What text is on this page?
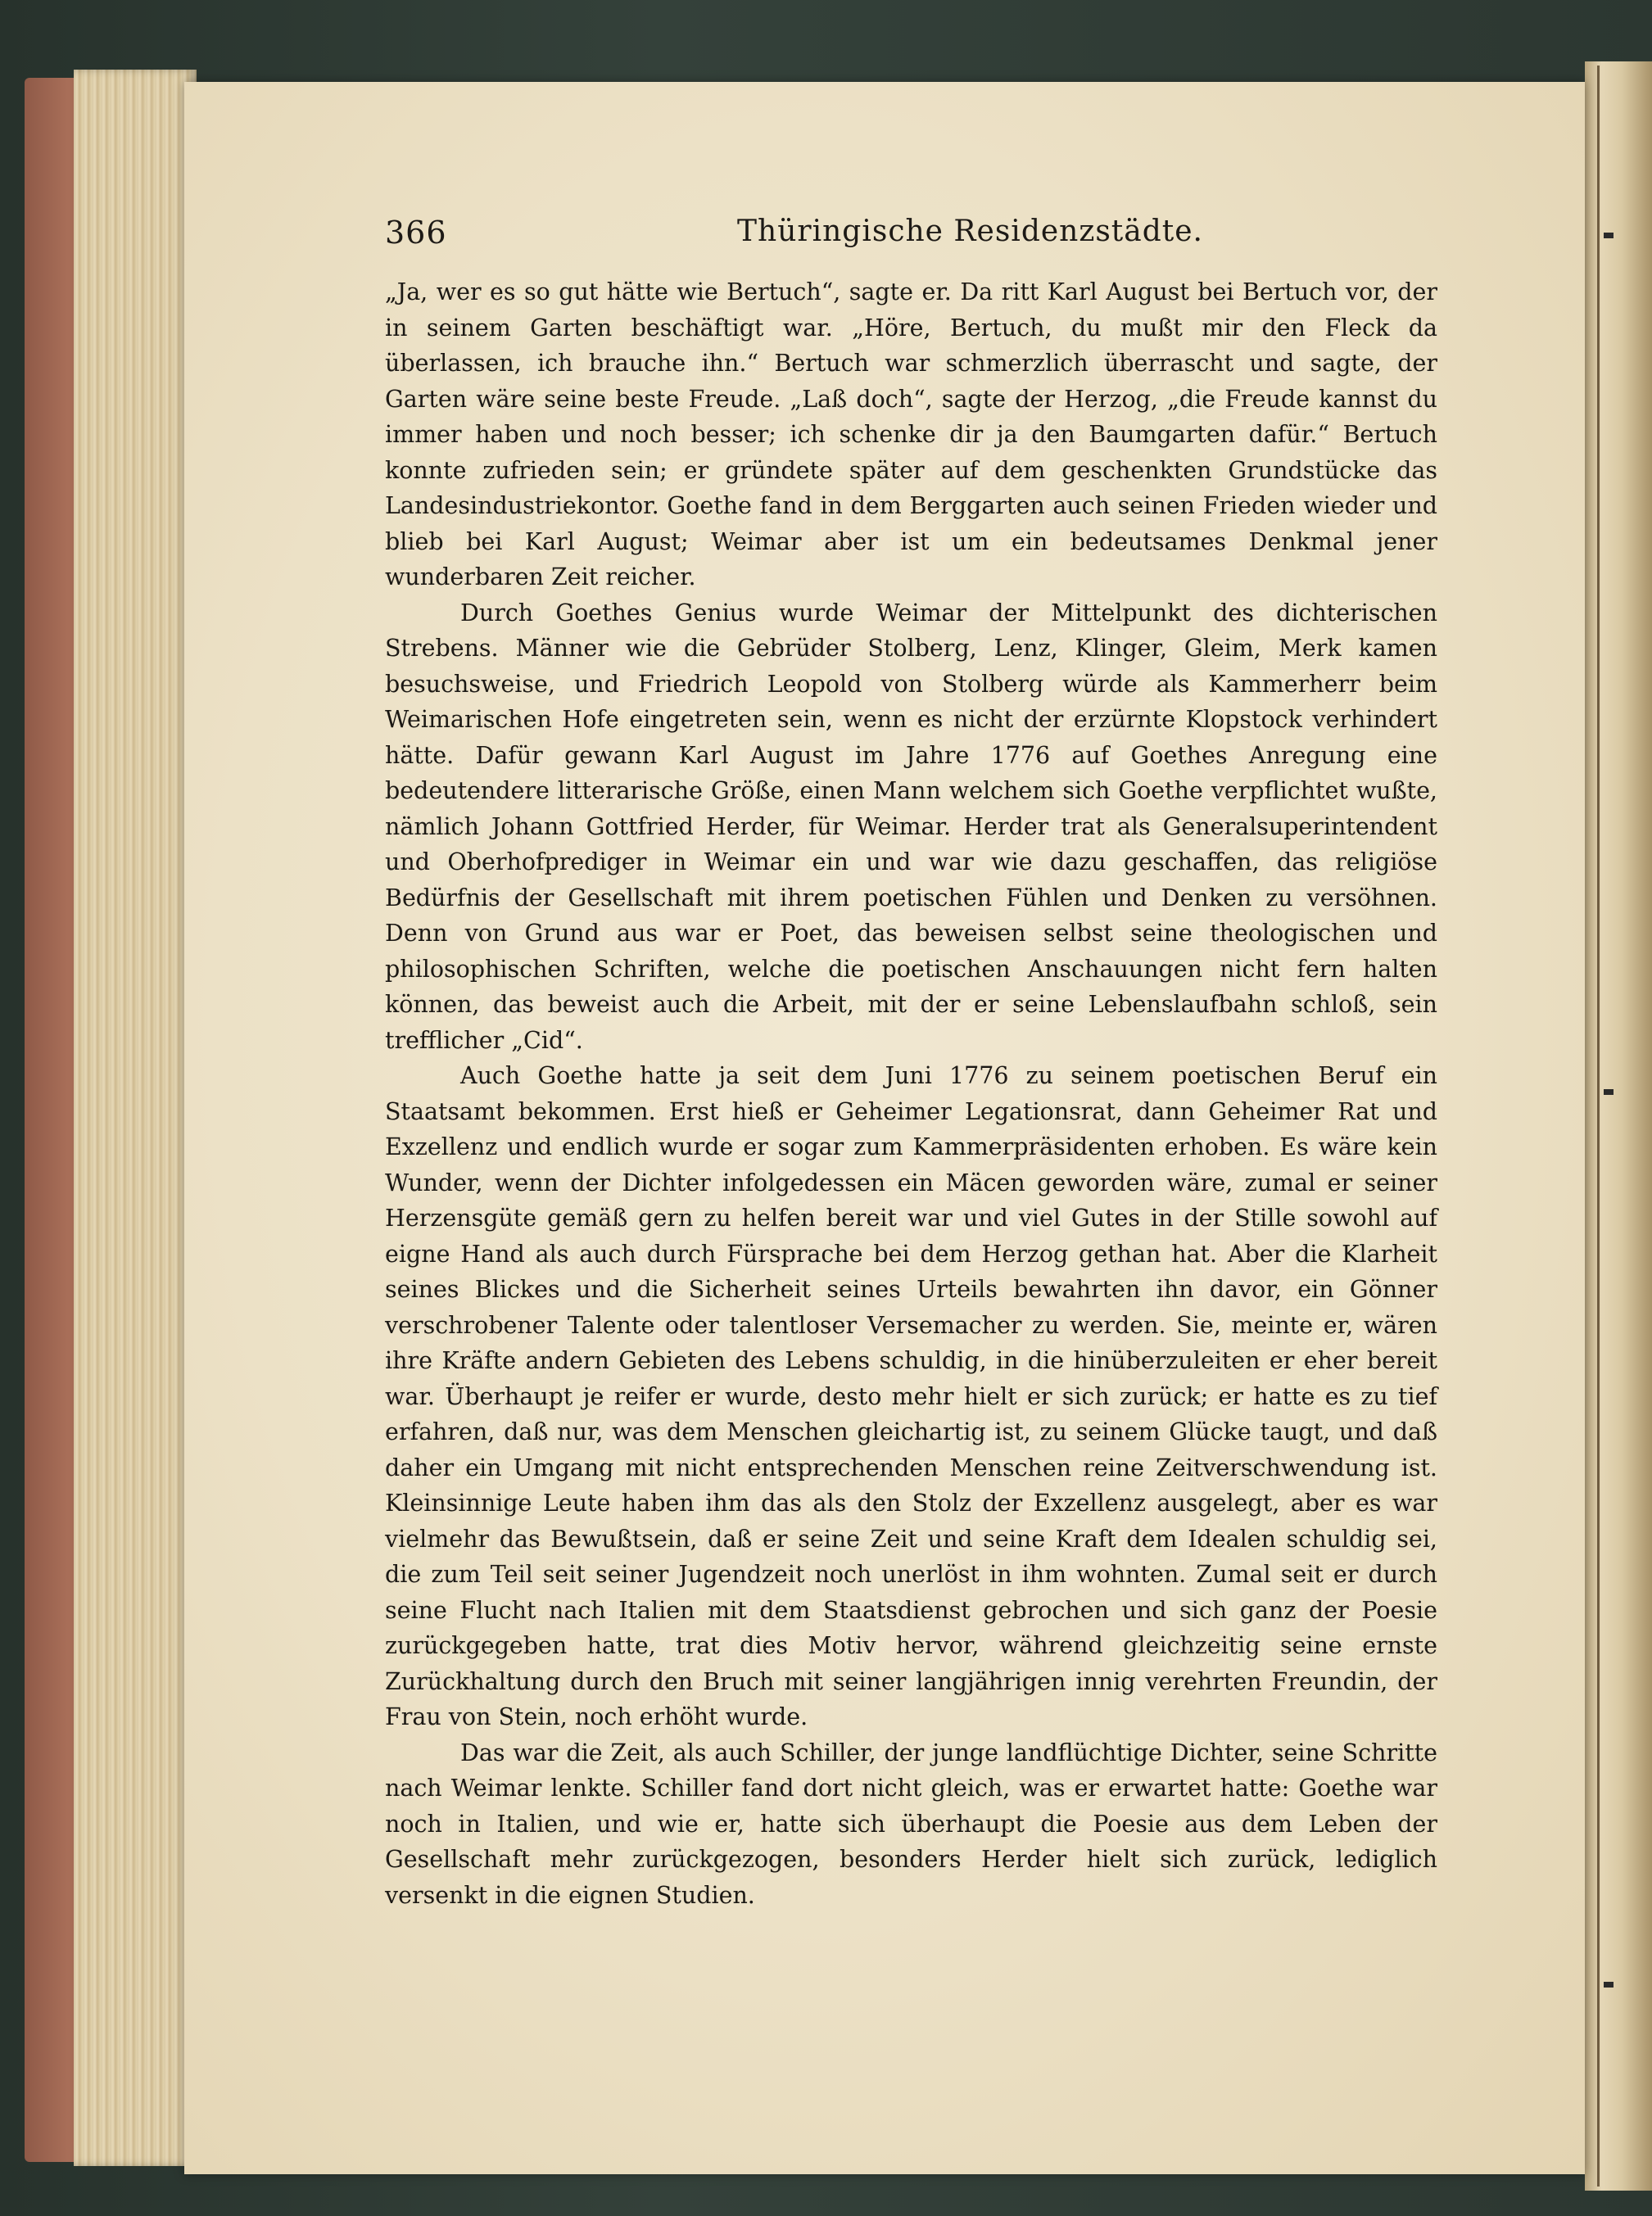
366	Thüringische Residenzstädte.

„Ja, wer es so gut hätte wie Bertuch“, sagte er. Da ritt Karl August bei Bertuch vor, der in seinem Garten beschäftigt war. „Höre, Bertuch, du mußt mir den Fleck da überlassen, ich brauche ihn.“ Bertuch war schmerzlich überrascht und sagte, der Garten wäre seine beste Freude. „Laß doch“, sagte der Herzog, „die Freude kannst du immer haben und noch besser; ich schenke dir ja den Baumgarten dafür.“ Bertuch konnte zufrieden sein; er gründete später auf dem geschenkten Grundstücke das Landesindustriekontor. Goethe fand in dem Berggarten auch seinen Frieden wieder und blieb bei Karl August; Weimar aber ist um ein bedeutsames Denkmal jener wunderbaren Zeit reicher.

Durch Goethes Genius wurde Weimar der Mittelpunkt des dichterischen Strebens. Männer wie die Gebrüder Stolberg, Lenz, Klinger, Gleim, Merk kamen besuchsweise, und Friedrich Leopold von Stolberg würde als Kammerherr beim Weimarischen Hofe eingetreten sein, wenn es nicht der erzürnte Klopstock verhindert hätte. Dafür gewann Karl August im Jahre 1776 auf Goethes Anregung eine bedeutendere litterarische Größe, einen Mann welchem sich Goethe verpflichtet wußte, nämlich Johann Gottfried Herder, für Weimar. Herder trat als Generalsuperintendent und Oberhofprediger in Weimar ein und war wie dazu geschaffen, das religiöse Bedürfnis der Gesellschaft mit ihrem poetischen Fühlen und Denken zu versöhnen. Denn von Grund aus war er Poet, das beweisen selbst seine theologischen und philosophischen Schriften, welche die poetischen Anschauungen nicht fern halten können, das beweist auch die Arbeit, mit der er seine Lebenslaufbahn schloß, sein trefflicher „Cid“.

Auch Goethe hatte ja seit dem Juni 1776 zu seinem poetischen Beruf ein Staatsamt bekommen. Erst hieß er Geheimer Legationsrat, dann Geheimer Rat und Exzellenz und endlich wurde er sogar zum Kammerpräsidenten erhoben. Es wäre kein Wunder, wenn der Dichter infolgedessen ein Mäcen geworden wäre, zumal er seiner Herzensgüte gemäß gern zu helfen bereit war und viel Gutes in der Stille sowohl auf eigne Hand als auch durch Fürsprache bei dem Herzog gethan hat. Aber die Klarheit seines Blickes und die Sicherheit seines Urteils bewahrten ihn davor, ein Gönner verschrobener Talente oder talentloser Versemacher zu werden. Sie, meinte er, wären ihre Kräfte andern Gebieten des Lebens schuldig, in die hinüberzuleiten er eher bereit war. Überhaupt je reifer er wurde, desto mehr hielt er sich zurück; er hatte es zu tief erfahren, daß nur, was dem Menschen gleichartig ist, zu seinem Glücke taugt, und daß daher ein Umgang mit nicht entsprechenden Menschen reine Zeitverschwendung ist. Kleinsinnige Leute haben ihm das als den Stolz der Exzellenz ausgelegt, aber es war vielmehr das Bewußtsein, daß er seine Zeit und seine Kraft dem Idealen schuldig sei, die zum Teil seit seiner Jugendzeit noch unerlöst in ihm wohnten. Zumal seit er durch seine Flucht nach Italien mit dem Staatsdienst gebrochen und sich ganz der Poesie zurückgegeben hatte, trat dies Motiv hervor, während gleichzeitig seine ernste Zurückhaltung durch den Bruch mit seiner langjährigen innig verehrten Freundin, der Frau von Stein, noch erhöht wurde.

Das war die Zeit, als auch Schiller, der junge landflüchtige Dichter, seine Schritte nach Weimar lenkte. Schiller fand dort nicht gleich, was er erwartet hatte: Goethe war noch in Italien, und wie er, hatte sich überhaupt die Poesie aus dem Leben der Gesellschaft mehr zurückgezogen, besonders Herder hielt sich zurück, lediglich versenkt in die eignen Studien.
